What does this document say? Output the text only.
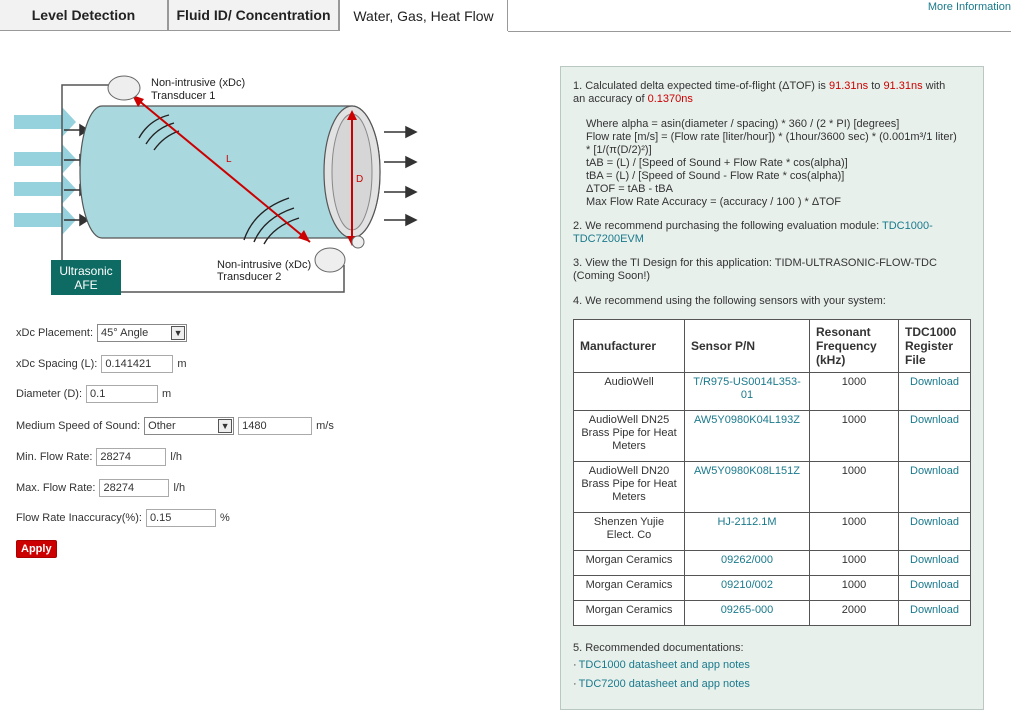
Level Detection	Fluid ID/ Concentration	Water, Gas, Heat Flow
More Information
L
D
Non-intrusive (xDc)
Transducer 1
Non-intrusive (xDc)
Transducer 2
Ultrasonic
AFE
xDc Placement: 45° Angle	▼
xDc Spacing (L): 0.141421	m
Diameter (D): 0.1	m
Medium Speed of Sound: Other	▼	1480	m/s
Min. Flow Rate: 28274	l/h
Max. Flow Rate: 28274	l/h
Flow Rate Inaccuracy(%): 0.15	%
Apply
1. Calculated delta expected time-of-flight (ΔTOF) is 91.31ns to 91.31ns with
an accuracy of 0.1370ns
Where alpha = asin(diameter / spacing) * 360 / (2 * PI) [degrees]
Flow rate [m/s] = (Flow rate [liter/hour]) * (1hour/3600 sec) * (0.001m³/1 liter)
* [1/(π(D/2)²)]
tAB = (L) / [Speed of Sound + Flow Rate * cos(alpha)]
tBA = (L) / [Speed of Sound - Flow Rate * cos(alpha)]
ΔTOF = tAB - tBA
Max Flow Rate Accuracy = (accuracy / 100 ) * ΔTOF
2. We recommend purchasing the following evaluation module: TDC1000-
TDC7200EVM
3. View the TI Design for this application: TIDM-ULTRASONIC-FLOW-TDC
(Coming Soon!)
4. We recommend using the following sensors with your system:
Manufacturer	Sensor P/N	Resonant Frequency (kHz)	TDC1000 Register File
AudioWell	T/R975-US0014L353-01	1000	Download
AudioWell DN25 Brass Pipe for Heat Meters	AW5Y0980K04L193Z	1000	Download
AudioWell DN20 Brass Pipe for Heat Meters	AW5Y0980K08L151Z	1000	Download
Shenzen Yujie Elect. Co	HJ-2112.1M	1000	Download
Morgan Ceramics	09262/000	1000	Download
Morgan Ceramics	09210/002	1000	Download
Morgan Ceramics	09265-000	2000	Download
5. Recommended documentations:
· TDC1000 datasheet and app notes
· TDC7200 datasheet and app notes
